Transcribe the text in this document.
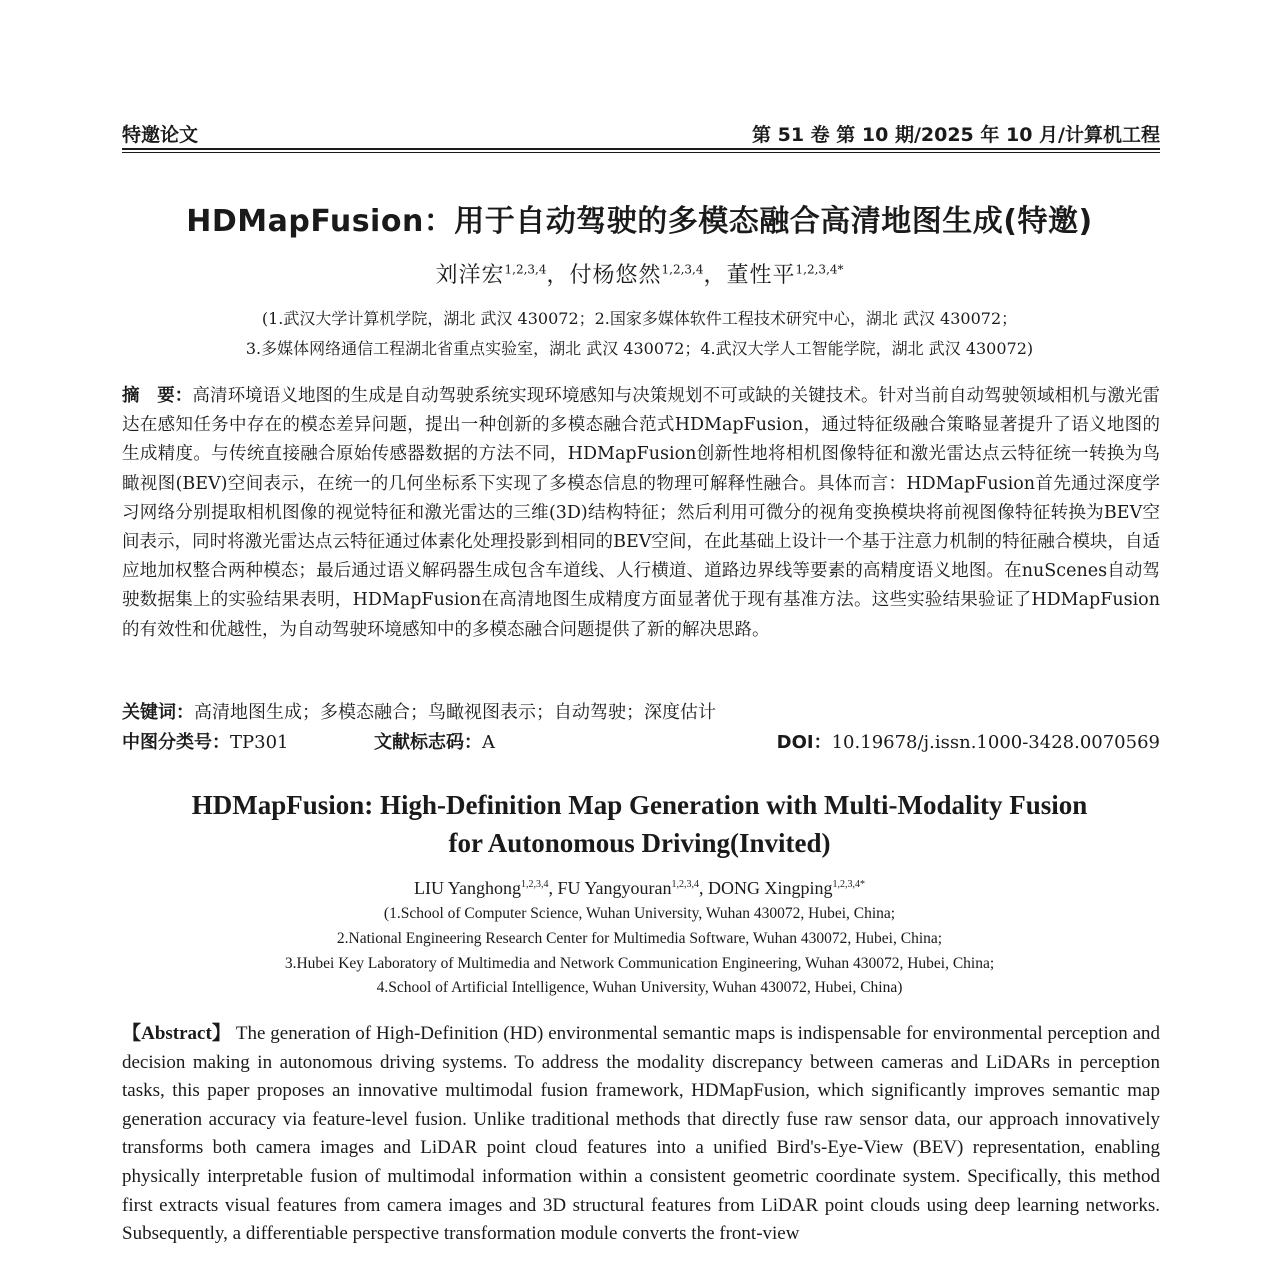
特邀论文	第 51 卷 第 10 期/2025 年 10 月/计算机工程
HDMapFusion：用于自动驾驶的多模态融合高清地图生成(特邀)
刘洋宏$^{1,2,3,4}$，付杨悠然$^{1,2,3,4}$，董性平$^{1,2,3,4*}$
(1.武汉大学计算机学院，湖北 武汉 430072；2.国家多媒体软件工程技术研究中心，湖北 武汉 430072；
3.多媒体网络通信工程湖北省重点实验室，湖北 武汉 430072；4.武汉大学人工智能学院，湖北 武汉 430072)
摘　要：高清环境语义地图的生成是自动驾驶系统实现环境感知与决策规划不可或缺的关键技术。针对当前自动驾驶领域相机与激光雷达在感知任务中存在的模态差异问题，提出一种创新的多模态融合范式HDMapFusion，通过特征级融合策略显著提升了语义地图的生成精度。与传统直接融合原始传感器数据的方法不同，HDMapFusion创新性地将相机图像特征和激光雷达点云特征统一转换为鸟瞰视图(BEV)空间表示，在统一的几何坐标系下实现了多模态信息的物理可解释性融合。具体而言：HDMapFusion首先通过深度学习网络分别提取相机图像的视觉特征和激光雷达的三维(3D)结构特征；然后利用可微分的视角变换模块将前视图像特征转换为BEV空间表示，同时将激光雷达点云特征通过体素化处理投影到相同的BEV空间，在此基础上设计一个基于注意力机制的特征融合模块，自适应地加权整合两种模态；最后通过语义解码器生成包含车道线、人行横道、道路边界线等要素的高精度语义地图。在nuScenes自动驾驶数据集上的实验结果表明，HDMapFusion在高清地图生成精度方面显著优于现有基准方法。这些实验结果验证了HDMapFusion的有效性和优越性，为自动驾驶环境感知中的多模态融合问题提供了新的解决思路。
关键词：高清地图生成；多模态融合；鸟瞰视图表示；自动驾驶；深度估计
中图分类号：TP301	文献标志码：A	DOI：10.19678/j.issn.1000-3428.0070569
HDMapFusion: High-Definition Map Generation with Multi-Modality Fusion
for Autonomous Driving(Invited)
LIU Yanghong$^{1,2,3,4}$, FU Yangyouran$^{1,2,3,4}$, DONG Xingping$^{1,2,3,4*}$
(1.School of Computer Science, Wuhan University, Wuhan 430072, Hubei, China;
2.National Engineering Research Center for Multimedia Software, Wuhan 430072, Hubei, China;
3.Hubei Key Laboratory of Multimedia and Network Communication Engineering, Wuhan 430072, Hubei, China;
4.School of Artificial Intelligence, Wuhan University, Wuhan 430072, Hubei, China)
【Abstract】 The generation of High-Definition (HD) environmental semantic maps is indispensable for environmental perception and decision making in autonomous driving systems. To address the modality discrepancy between cameras and LiDARs in perception tasks, this paper proposes an innovative multimodal fusion framework, HDMapFusion, which significantly improves semantic map generation accuracy via feature-level fusion. Unlike traditional methods that directly fuse raw sensor data, our approach innovatively transforms both camera images and LiDAR point cloud features into a unified Bird's-Eye-View (BEV) representation, enabling physically interpretable fusion of multimodal information within a consistent geometric coordinate system. Specifically, this method first extracts visual features from camera images and 3D structural features from LiDAR point clouds using deep learning networks. Subsequently, a differentiable perspective transformation module converts the front-view
